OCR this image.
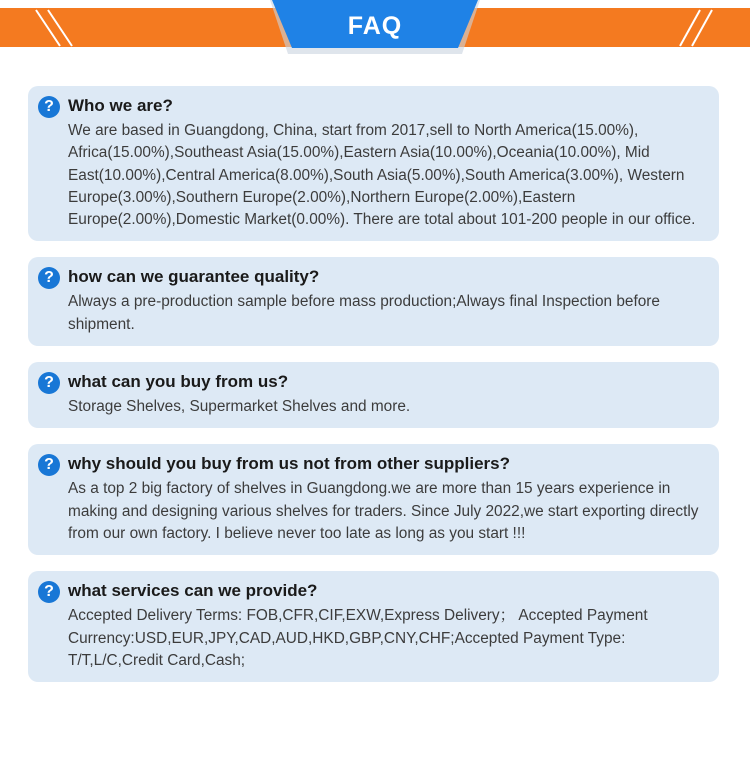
FAQ
? Who we are?
We are based in Guangdong, China, start from 2017,sell to North America(15.00%), Africa(15.00%),Southeast Asia(15.00%),Eastern Asia(10.00%),Oceania(10.00%), Mid East(10.00%),Central America(8.00%),South Asia(5.00%),South America(3.00%), Western Europe(3.00%),Southern Europe(2.00%),Northern Europe(2.00%),Eastern Europe(2.00%),Domestic Market(0.00%). There are total about 101-200 people in our office.
? how can we guarantee quality?
Always a pre-production sample before mass production;Always final Inspection before shipment.
? what can you buy from us?
Storage Shelves, Supermarket Shelves and more.
? why should you buy from us not from other suppliers?
As a top 2 big factory of shelves in Guangdong.we are more than 15 years experience in making and designing various shelves for traders. Since July 2022,we start exporting directly from our own factory. I believe never too late as long as you start !!!
? what services can we provide?
Accepted Delivery Terms: FOB,CFR,CIF,EXW,Express Delivery； Accepted Payment Currency:USD,EUR,JPY,CAD,AUD,HKD,GBP,CNY,CHF;Accepted Payment Type: T/T,L/C,Credit Card,Cash;
